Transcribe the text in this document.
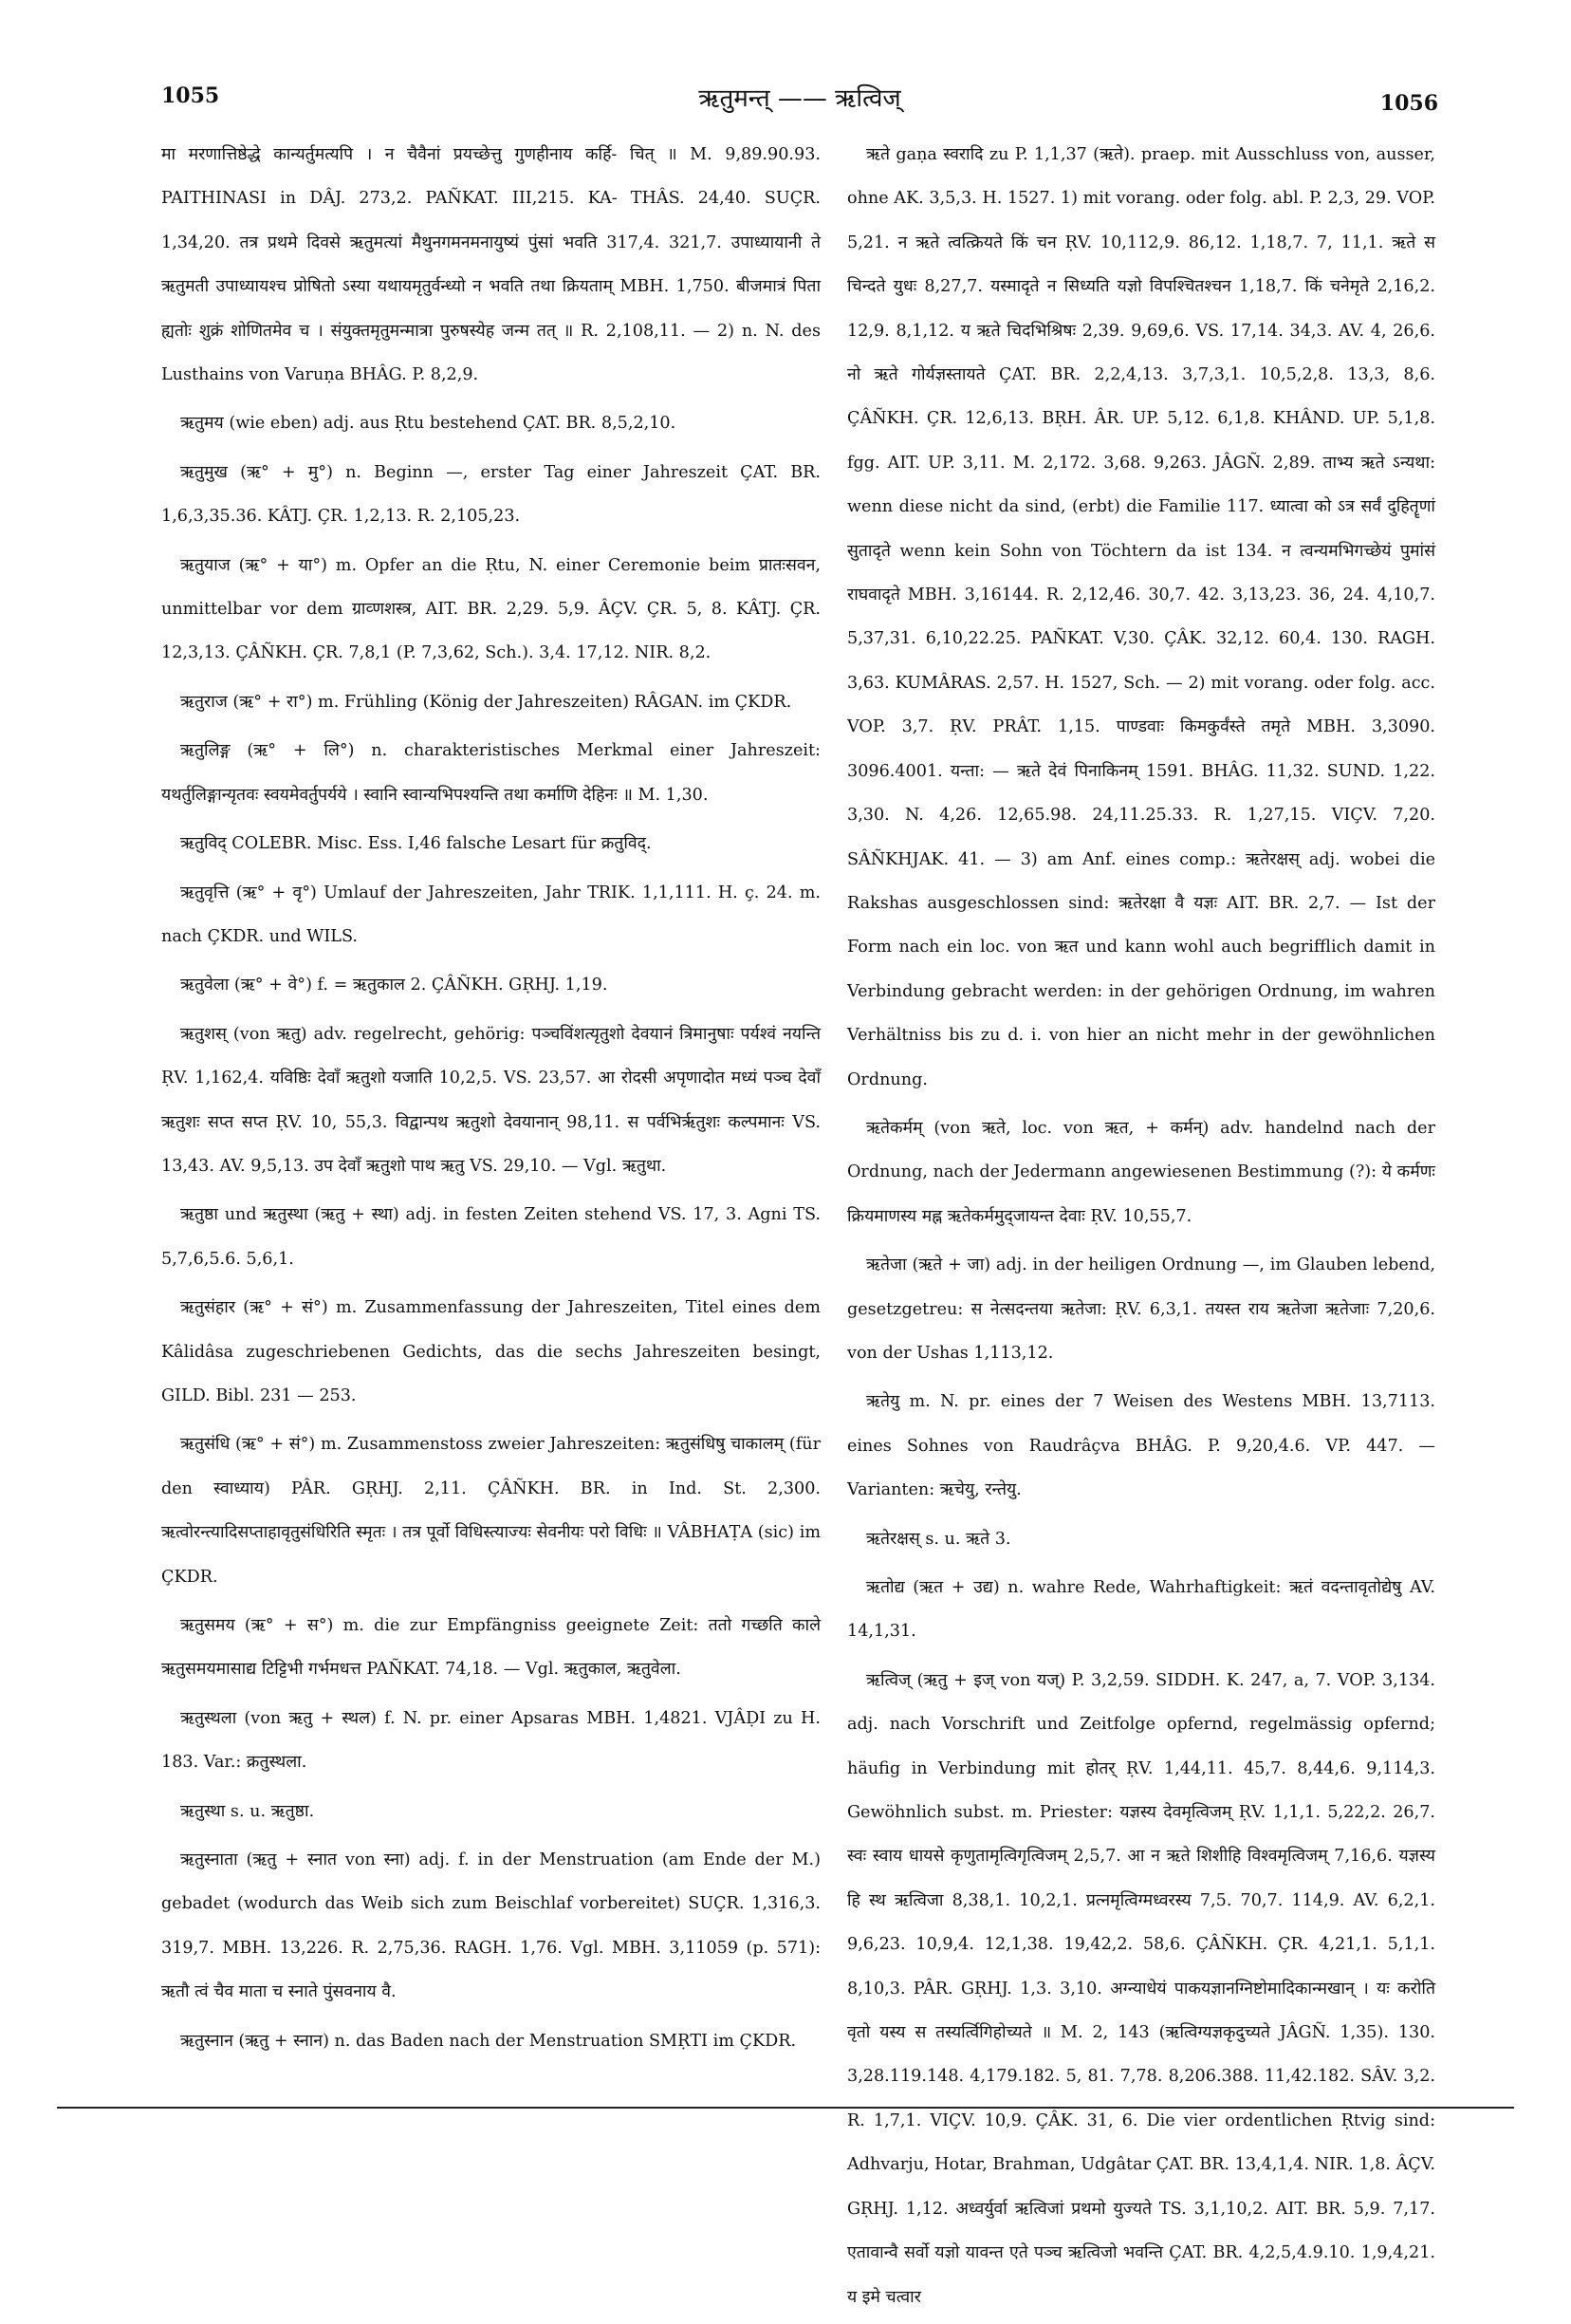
1055	ऋतुमन्त् —— ऋत्विज्	1056

मा मरणात्तिष्ठेद्धे कान्यर्तुमत्यपि । न चैवैनां प्रयच्छेत्तु गुणहीनाय कर्हि- चित् ॥ M. 9,89.90.93. PAITHINASI in DÂJ. 273,2. PAÑKAT. III,215. KA- THÂS. 24,40. SUÇR. 1,34,20. तत्र प्रथमे दिवसे ऋतुमत्यां मैथुनगमनमनायुष्यं पुंसां भवति 317,4. 321,7. उपाध्यायानी ते ऋतुमती उपाध्यायश्च प्रोषितो ऽस्या यथायमृतुर्वन्ध्यो न भवति तथा क्रियताम् MBH. 1,750. बीजमात्रं पिता ह्यतोः शुक्रं शोणितमेव च । संयुक्तमृतुमन्मात्रा पुरुषस्येह जन्म तत् ॥ R. 2,108,11. — 2) n. N. des Lusthains von Varuṇa BHÂG. P. 8,2,9.

ऋतुमय (wie eben) adj. aus Ṛtu bestehend ÇAT. BR. 8,5,2,10.

ऋतुमुख (ऋ° + मु°) n. Beginn —, erster Tag einer Jahreszeit ÇAT. BR. 1,6,3,35.36. KÂTJ. ÇR. 1,2,13. R. 2,105,23.

ऋतुयाज (ऋ° + या°) m. Opfer an die Ṛtu, N. einer Ceremonie beim प्रातःसवन, unmittelbar vor dem ग्राव्णशस्त्र, AIT. BR. 2,29. 5,9. ÂÇV. ÇR. 5, 8. KÂTJ. ÇR. 12,3,13. ÇÂÑKH. ÇR. 7,8,1 (P. 7,3,62, Sch.). 3,4. 17,12. NIR. 8,2.

ऋतुराज (ऋ° + रा°) m. Frühling (König der Jahreszeiten) RÂGAN. im ÇKDR.

ऋतुलिङ्ग (ऋ° + लि°) n. charakteristisches Merkmal einer Jahreszeit: यथर्तुलिङ्गान्यृतवः स्वयमेवर्तुपर्यये । स्वानि स्वान्यभिपश्यन्ति तथा कर्माणि देहिनः ॥ M. 1,30.

ऋतुविद् COLEBR. Misc. Ess. I,46 falsche Lesart für क्रतुविद्.

ऋतुवृत्ति (ऋ° + वृ°) Umlauf der Jahreszeiten, Jahr TRIK. 1,1,111. H. ç. 24. m. nach ÇKDR. und WILS.

ऋतुवेला (ऋ° + वे°) f. = ऋतुकाल 2. ÇÂÑKH. GṚHJ. 1,19.

ऋतुशस् (von ऋतु) adv. regelrecht, gehörig: पञ्चविंशत्यृतुशो देवयानं त्रिमानुषाः पर्यश्वं नयन्ति ṚV. 1,162,4. यविष्ठिः देवाँ ऋतुशो यजाति 10,2,5. VS. 23,57. आ रोदसी अपृणादोत मध्यं पञ्च देवाँ ऋतुशः सप्त सप्त ṚV. 10, 55,3. विद्वान्पथ ऋतुशो देवयानान् 98,11. स पर्वभिर्ऋतुशः कल्पमानः VS. 13,43. AV. 9,5,13. उप देवाँ ऋतुशो पाथ ऋतु VS. 29,10. — Vgl. ऋतुथा.

ऋतुष्ठा und ऋतुस्था (ऋतु + स्था) adj. in festen Zeiten stehend VS. 17, 3. Agni TS. 5,7,6,5.6. 5,6,1.

ऋतुसंहार (ऋ° + सं°) m. Zusammenfassung der Jahreszeiten, Titel eines dem Kâlidâsa zugeschriebenen Gedichts, das die sechs Jahreszeiten besingt, GILD. Bibl. 231 — 253.

ऋतुसंधि (ऋ° + सं°) m. Zusammenstoss zweier Jahreszeiten: ऋतुसंधिषु चाकालम् (für den स्वाध्याय) PÂR. GṚHJ. 2,11. ÇÂÑKH. BR. in Ind. St. 2,300. ऋत्वोरन्त्यादिसप्ताहावृतुसंधिरिति स्मृतः । तत्र पूर्वो विधिस्त्याज्यः सेवनीयः परो विधिः ॥ VÂBHAṬA (sic) im ÇKDR.

ऋतुसमय (ऋ° + स°) m. die zur Empfängniss geeignete Zeit: ततो गच्छति काले ऋतुसमयमासाद्य टिट्टिभी गर्भमधत्त PAÑKAT. 74,18. — Vgl. ऋतुकाल, ऋतुवेला.

ऋतुस्थला (von ऋतु + स्थल) f. N. pr. einer Apsaras MBH. 1,4821. VJÂḌI zu H. 183. Var.: क्रतुस्थला.

ऋतुस्था s. u. ऋतुष्ठा.

ऋतुस्नाता (ऋतु + स्नात von स्ना) adj. f. in der Menstruation (am Ende der M.) gebadet (wodurch das Weib sich zum Beischlaf vorbereitet) SUÇR. 1,316,3. 319,7. MBH. 13,226. R. 2,75,36. RAGH. 1,76. Vgl. MBH. 3,11059 (p. 571): ऋतौ त्वं चैव माता च स्नाते पुंसवनाय वै.

ऋतुस्नान (ऋतु + स्नान) n. das Baden nach der Menstruation SMṚTI im ÇKDR.

ऋते gaṇa स्वरादि zu P. 1,1,37 (ऋते). praep. mit Ausschluss von, ausser, ohne AK. 3,5,3. H. 1527. 1) mit vorang. oder folg. abl. P. 2,3, 29. VOP. 5,21. न ऋते त्वत्क्रियते किं चन ṚV. 10,112,9. 86,12. 1,18,7. 7, 11,1. ऋते स चिन्दते युधः 8,27,7. यस्मादृते न सिध्यति यज्ञो विपश्चितश्चन 1,18,7. किं चनेमृते 2,16,2. 12,9. 8,1,12. य ऋते चिदभिश्रिषः 2,39. 9,69,6. VS. 17,14. 34,3. AV. 4, 26,6. नो ऋते गोर्यज्ञस्तायते ÇAT. BR. 2,2,4,13. 3,7,3,1. 10,5,2,8. 13,3, 8,6. ÇÂÑKH. ÇR. 12,6,13. BṚH. ÂR. UP. 5,12. 6,1,8. KHÂND. UP. 5,1,8. fgg. AIT. UP. 3,11. M. 2,172. 3,68. 9,263. JÂGÑ. 2,89. ताभ्य ऋते ऽन्यथा: wenn diese nicht da sind, (erbt) die Familie 117. ध्यात्वा को ऽत्र सर्वं दुहितॄणां सुतादृते wenn kein Sohn von Töchtern da ist 134. न त्वन्यमभिगच्छेयं पुमांसं राघवादृते MBH. 3,16144. R. 2,12,46. 30,7. 42. 3,13,23. 36, 24. 4,10,7. 5,37,31. 6,10,22.25. PAÑKAT. V,30. ÇÂK. 32,12. 60,4. 130. RAGH. 3,63. KUMÂRAS. 2,57. H. 1527, Sch. — 2) mit vorang. oder folg. acc. VOP. 3,7. ṚV. PRÂT. 1,15. पाण्डवाः किमकुर्वंस्ते तमृते MBH. 3,3090. 3096.4001. यन्ता: — ऋते देवं पिनाकिनम् 1591. BHÂG. 11,32. SUND. 1,22. 3,30. N. 4,26. 12,65.98. 24,11.25.33. R. 1,27,15. VIÇV. 7,20. SÂÑKHJAK. 41. — 3) am Anf. eines comp.: ऋतेरक्षस् adj. wobei die Rakshas ausgeschlossen sind: ऋतेरक्षा वै यज्ञः AIT. BR. 2,7. — Ist der Form nach ein loc. von ऋत und kann wohl auch begrifflich damit in Verbindung gebracht werden: in der gehörigen Ordnung, im wahren Verhältniss bis zu d. i. von hier an nicht mehr in der gewöhnlichen Ordnung.

ऋतेकर्मम् (von ऋते, loc. von ऋत, + कर्मन्) adv. handelnd nach der Ordnung, nach der Jedermann angewiesenen Bestimmung (?): ये कर्मणः क्रियमाणस्य मह्न ऋतेकर्ममुद्जायन्त देवाः ṚV. 10,55,7.

ऋतेजा (ऋते + जा) adj. in der heiligen Ordnung —, im Glauben lebend, gesetzgetreu: स नेत्सदन्तया ऋतेजा: ṚV. 6,3,1. तयस्त राय ऋतेजा ऋतेजाः 7,20,6. von der Ushas 1,113,12.

ऋतेयु m. N. pr. eines der 7 Weisen des Westens MBH. 13,7113. eines Sohnes von Raudrâçva BHÂG. P. 9,20,4.6. VP. 447. — Varianten: ऋचेयु, रन्तेयु.

ऋतेरक्षस् s. u. ऋते 3.

ऋतोद्य (ऋत + उद्य) n. wahre Rede, Wahrhaftigkeit: ऋतं वदन्तावृतोद्येषु AV. 14,1,31.

ऋत्विज् (ऋतु + इज् von यज्) P. 3,2,59. SIDDH. K. 247, a, 7. VOP. 3,134. adj. nach Vorschrift und Zeitfolge opfernd, regelmässig opfernd; häufig in Verbindung mit होतर् ṚV. 1,44,11. 45,7. 8,44,6. 9,114,3. Gewöhnlich subst. m. Priester: यज्ञस्य देवमृत्विजम् ṚV. 1,1,1. 5,22,2. 26,7. स्वः स्वाय धायसे कृणुतामृत्विगृत्विजम् 2,5,7. आ न ऋते शिशीहि विश्वमृत्विजम् 7,16,6. यज्ञस्य हि स्थ ऋत्विजा 8,38,1. 10,2,1. प्रत्नमृत्विग्मध्वरस्य 7,5. 70,7. 114,9. AV. 6,2,1. 9,6,23. 10,9,4. 12,1,38. 19,42,2. 58,6. ÇÂÑKH. ÇR. 4,21,1. 5,1,1. 8,10,3. PÂR. GṚHJ. 1,3. 3,10. अग्न्याधेयं पाकयज्ञानग्निष्टोमादिकान्मखान् । यः करोति वृतो यस्य स तस्यर्त्विगिहोच्यते ॥ M. 2, 143 (ऋत्विग्यज्ञकृदुच्यते JÂGÑ. 1,35). 130. 3,28.119.148. 4,179.182. 5, 81. 7,78. 8,206.388. 11,42.182. SÂV. 3,2. R. 1,7,1. VIÇV. 10,9. ÇÂK. 31, 6. Die vier ordentlichen Ṛtvig sind: Adhvarju, Hotar, Brahman, Udgâtar ÇAT. BR. 13,4,1,4. NIR. 1,8. ÂÇV. GṚHJ. 1,12. अध्वर्युर्वा ऋत्विजां प्रथमो युज्यते TS. 3,1,10,2. AIT. BR. 5,9. 7,17. एतावान्वै सर्वो यज्ञो यावन्त एते पञ्च ऋत्विजो भवन्ति ÇAT. BR. 4,2,5,4.9.10. 1,9,4,21. य इमे चत्वार
